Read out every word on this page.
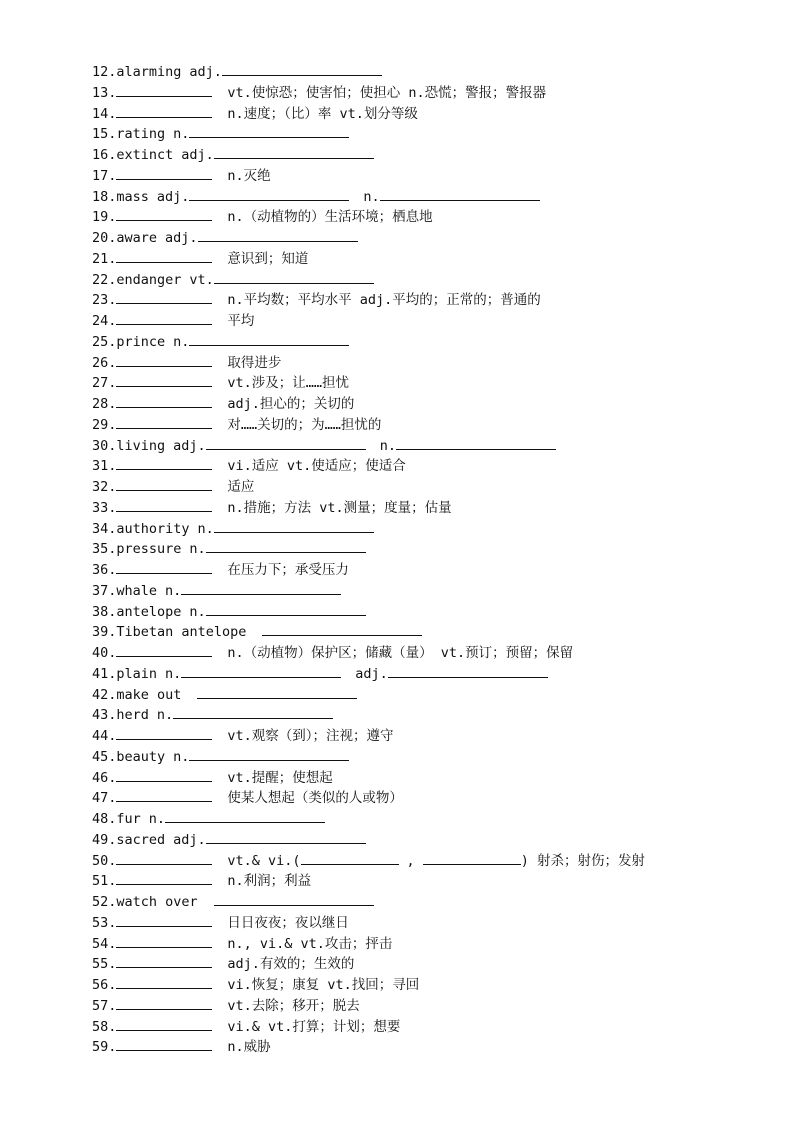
12. alarming adj.
13.	vt.使惊恐；使害怕；使担心 n.恐慌；警报；警报器
14.	n.速度；（比）率 vt.划分等级
15. rating n.
16. extinct adj.
17.	n.灭绝
18. mass adj.	n.
19.	n.（动植物的）生活环境；栖息地
20. aware adj.
21.	意识到；知道
22. endanger vt.
23.	n.平均数；平均水平 adj.平均的；正常的；普通的
24.	平均
25. prince n.
26.	取得进步
27.	vt.涉及；让……担忧
28.	adj.担心的；关切的
29.	对……关切的；为……担忧的
30. living adj.	n.
31.	vi.适应 vt.使适应；使适合
32.	适应
33.	n.措施；方法 vt.测量；度量；估量
34. authority n.
35. pressure n.
36.	在压力下；承受压力
37. whale n.
38. antelope n.
39. Tibetan antelope
40.	n.（动植物）保护区；储藏（量） vt.预订；预留；保留
41. plain n.	adj.
42. make out
43. herd n.
44.	vt.观察（到）；注视；遵守
45. beauty n.
46.	vt.提醒；使想起
47.	使某人想起（类似的人或物）
48. fur n.
49. sacred adj.
50.	vt.& vi.(	,	) 射杀；射伤；发射
51.	n.利润；利益
52. watch over
53.	日日夜夜；夜以继日
54.	n., vi.& vt.攻击；抨击
55.	adj.有效的；生效的
56.	vi.恢复；康复 vt.找回；寻回
57.	vt.去除；移开；脱去
58.	vi.& vt.打算；计划；想要
59.	n.威胁
